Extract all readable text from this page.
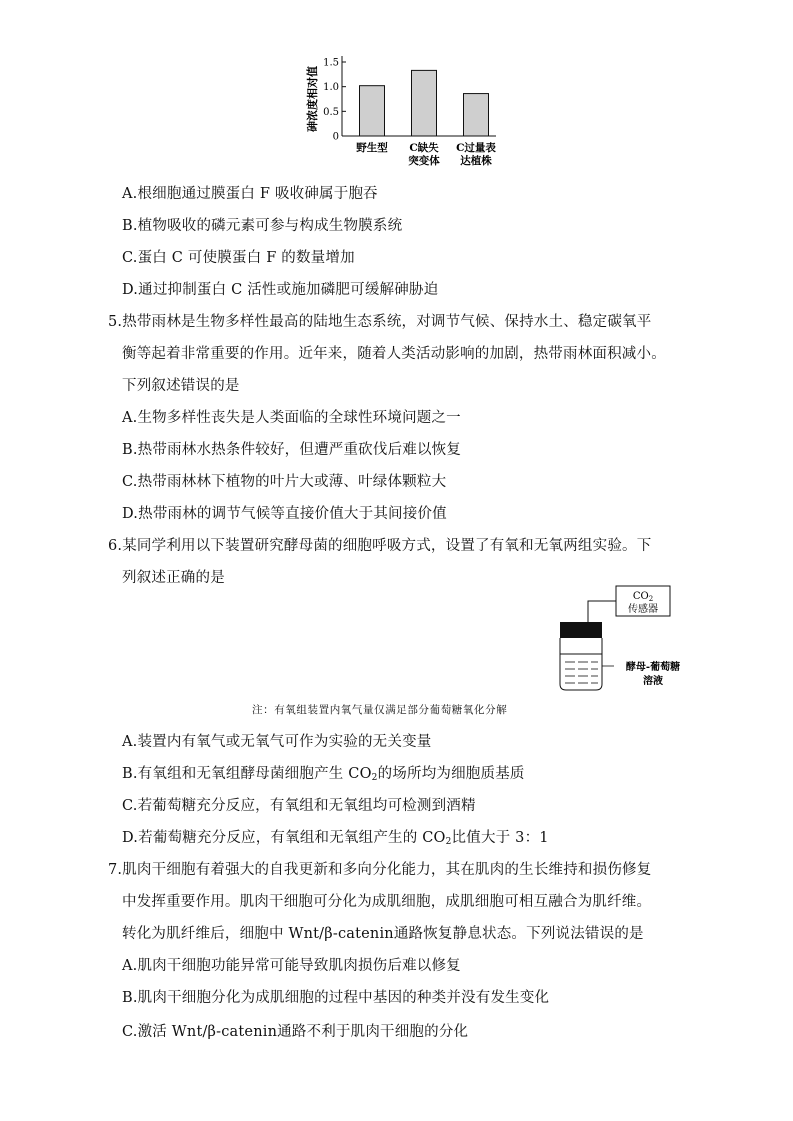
0
0.5
1.0
1.5
砷浓度相对值
野生型 C缺失
突变体
C过量表
达植株
A.根细胞通过膜蛋白 F 吸收砷属于胞吞
B.植物吸收的磷元素可参与构成生物膜系统
C.蛋白 C 可使膜蛋白 F 的数量增加
D.通过抑制蛋白 C 活性或施加磷肥可缓解砷胁迫
5.热带雨林是生物多样性最高的陆地生态系统，对调节气候、保持水土、稳定碳氧平
衡等起着非常重要的作用。近年来，随着人类活动影响的加剧，热带雨林面积减小。
下列叙述错误的是
A.生物多样性丧失是人类面临的全球性环境问题之一
B.热带雨林水热条件较好，但遭严重砍伐后难以恢复
C.热带雨林林下植物的叶片大或薄、叶绿体颗粒大
D.热带雨林的调节气候等直接价值大于其间接价值
6.某同学利用以下装置研究酵母菌的细胞呼吸方式，设置了有氧和无氧两组实验。下
列叙述正确的是
$CO_2$
传感器
酵母-葡萄糖
溶液
注：有氧组装置内氧气量仅满足部分葡萄糖氧化分解
A.装置内有氧气或无氧气可作为实验的无关变量
B.有氧组和无氧组酵母菌细胞产生 $CO_2$的场所均为细胞质基质
C.若葡萄糖充分反应，有氧组和无氧组均可检测到酒精
D.若葡萄糖充分反应，有氧组和无氧组产生的 $CO_2$比值大于 3：1
7.肌肉干细胞有着强大的自我更新和多向分化能力，其在肌肉的生长维持和损伤修复
中发挥重要作用。肌肉干细胞可分化为成肌细胞，成肌细胞可相互融合为肌纤维。
转化为肌纤维后，细胞中 Wnt/β-catenin通路恢复静息状态。下列说法错误的是
A.肌肉干细胞功能异常可能导致肌肉损伤后难以修复
B.肌肉干细胞分化为成肌细胞的过程中基因的种类并没有发生变化
C.激活 Wnt/β-catenin通路不利于肌肉干细胞的分化
